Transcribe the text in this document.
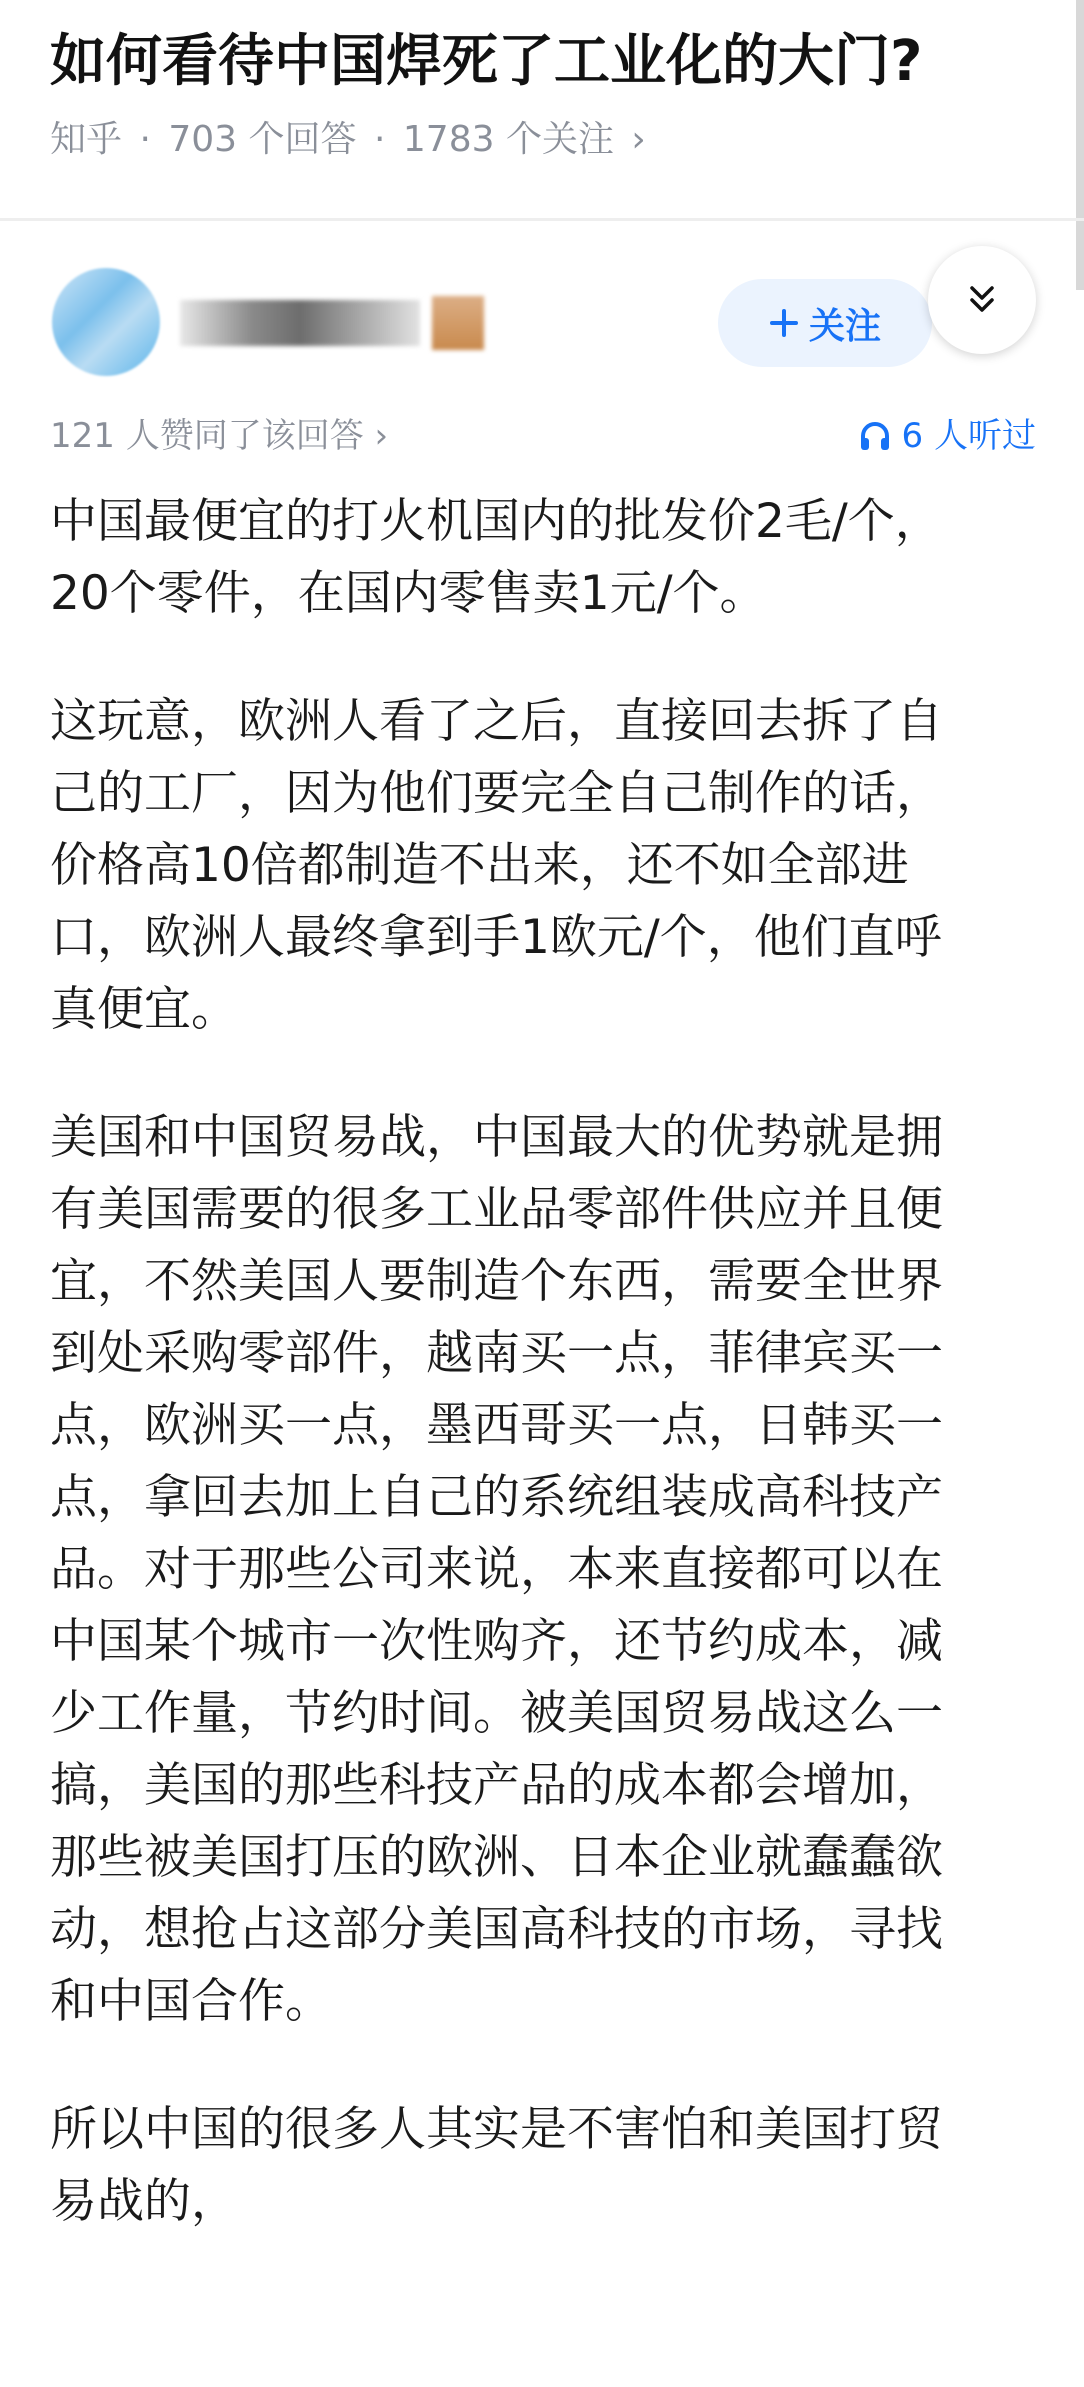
如何看待中国焊死了工业化的大门?
知乎 · 703 个回答 · 1783 个关注 ›
关注
121 人赞同了该回答 ›	6 人听过
中国最便宜的打火机国内的批发价2毛/个，
20个零件，在国内零售卖1元/个。
这玩意，欧洲人看了之后，直接回去拆了自
己的工厂，因为他们要完全自己制作的话，
价格高10倍都制造不出来，还不如全部进
口，欧洲人最终拿到手1欧元/个，他们直呼
真便宜。
美国和中国贸易战，中国最大的优势就是拥
有美国需要的很多工业品零部件供应并且便
宜，不然美国人要制造个东西，需要全世界
到处采购零部件，越南买一点，菲律宾买一
点，欧洲买一点，墨西哥买一点，日韩买一
点，拿回去加上自己的系统组装成高科技产
品。对于那些公司来说，本来直接都可以在
中国某个城市一次性购齐，还节约成本，减
少工作量，节约时间。被美国贸易战这么一
搞，美国的那些科技产品的成本都会增加，
那些被美国打压的欧洲、日本企业就蠢蠢欲
动，想抢占这部分美国高科技的市场，寻找
和中国合作。
所以中国的很多人其实是不害怕和美国打贸
易战的，
